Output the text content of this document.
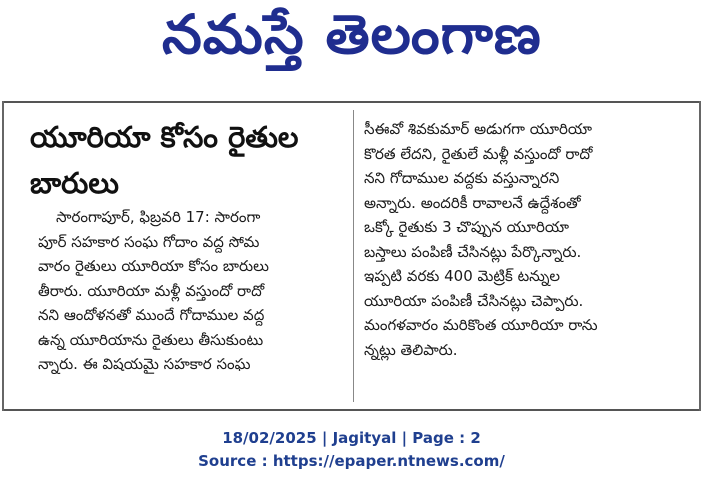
నమస్తే తెలంగాణ
యూరియా కోసం రైతుల
బారులు
సారంగాపూర్, ఫిబ్రవరి 17: సారంగా
పూర్ సహకార సంఘ గోదాం వద్ద సోమ
వారం రైతులు యూరియా కోసం బారులు
తీరారు. యూరియా మళ్లీ వస్తుందో రాదో
నని ఆందోళనతో ముందే గోదాముల వద్ద
ఉన్న యూరియాను రైతులు తీసుకుంటు
న్నారు. ఈ విషయమై సహకార సంఘ
సీఈవో శివకుమార్ అడుగగా యూరియా
కొరత లేదని, రైతులే మళ్లీ వస్తుందో రాదో
నని గోదాముల వద్దకు వస్తున్నారని
అన్నారు. అందరికీ రావాలనే ఉద్దేశంతో
ఒక్కో రైతుకు 3 చొప్పున యూరియా
బస్తాలు పంపిణీ చేసినట్లు పేర్కొన్నారు.
ఇప్పటి వరకు 400 మెట్రిక్ టన్నుల
యూరియా పంపిణీ చేసినట్లు చెప్పారు.
మంగళవారం మరికొంత యూరియా రాను
న్నట్లు తెలిపారు.
18/02/2025 | Jagityal | Page : 2
Source : https://epaper.ntnews.com/
